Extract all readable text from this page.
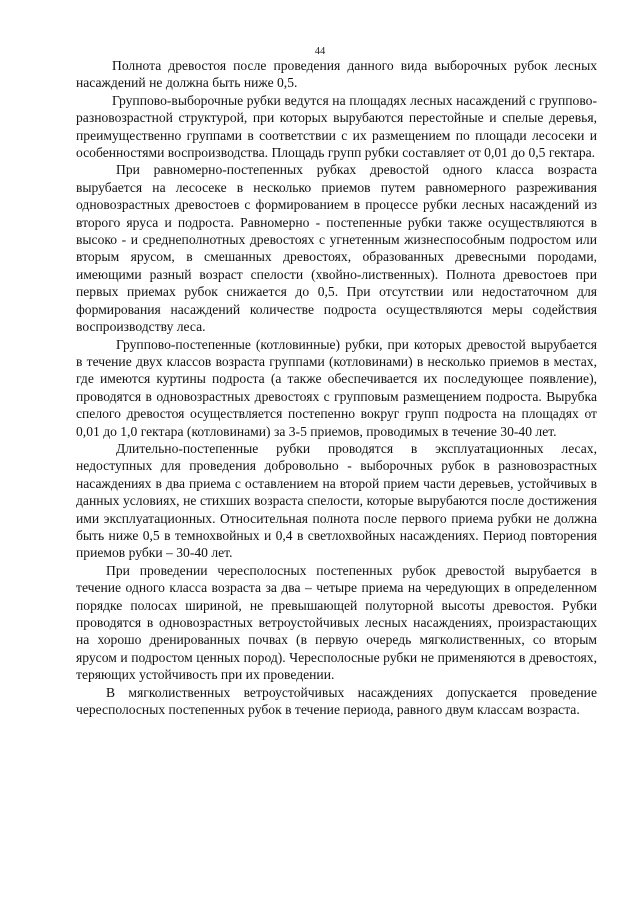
44

Полнота древостоя после проведения данного вида выборочных рубок лесных насаждений не должна быть ниже 0,5.

Группово-выборочные рубки ведутся на площадях лесных насаждений с группово-разновозрастной структурой, при которых вырубаются перестойные и спелые деревья, преимущественно группами в соответствии с их размещением по площади лесосеки и особенностями воспроизводства. Площадь групп рубки составляет от 0,01 до 0,5 гектара.

При равномерно-постепенных рубках древостой одного класса возраста вырубается на лесосеке в несколько приемов путем равномерного разреживания одновозрастных древостоев с формированием в процессе рубки лесных насаждений из второго яруса и подроста. Равномерно - постепенные рубки также осуществляются в высоко - и среднеполнотных древостоях с угнетенным жизнеспособным подростом или вторым ярусом, в смешанных древостоях, образованных древесными породами, имеющими разный возраст спелости (хвойно-лиственных). Полнота древостоев при первых приемах рубок снижается до 0,5. При отсутствии или недостаточном для формирования насаждений количестве подроста осуществляются меры содействия воспроизводству леса.

Группово-постепенные (котловинные) рубки, при которых древостой вырубается в течение двух классов возраста группами (котловинами) в несколько приемов в местах, где имеются куртины подроста (а также обеспечивается их последующее появление), проводятся в одновозрастных древостоях с групповым размещением подроста. Вырубка спелого древостоя осуществляется постепенно вокруг групп подроста на площадях от 0,01 до 1,0 гектара (котловинами) за 3-5 приемов, проводимых в течение 30-40 лет.

Длительно-постепенные рубки проводятся в эксплуатационных лесах, недоступных для проведения добровольно - выборочных рубок в разновозрастных насаждениях в два приема с оставлением на второй прием части деревьев, устойчивых в данных условиях, не стихших возраста спелости, которые вырубаются после достижения ими эксплуатационных. Относительная полнота после первого приема рубки не должна быть ниже 0,5 в темнохвойных и 0,4 в светлохвойных насаждениях. Период повторения приемов рубки – 30-40 лет.

При проведении чересполосных постепенных рубок древостой вырубается в течение одного класса возраста за два – четыре приема на чередующих в определенном порядке полосах шириной, не превышающей полуторной высоты древостоя. Рубки проводятся в одновозрастных ветроустойчивых лесных насаждениях, произрастающих на хорошо дренированных почвах (в первую очередь мягколиственных, со вторым ярусом и подростом ценных пород). Чересполосные рубки не применяются в древостоях, теряющих устойчивость при их проведении.

В мягколиственных ветроустойчивых насаждениях допускается проведение чересполосных постепенных рубок в течение периода, равного двум классам возраста.
